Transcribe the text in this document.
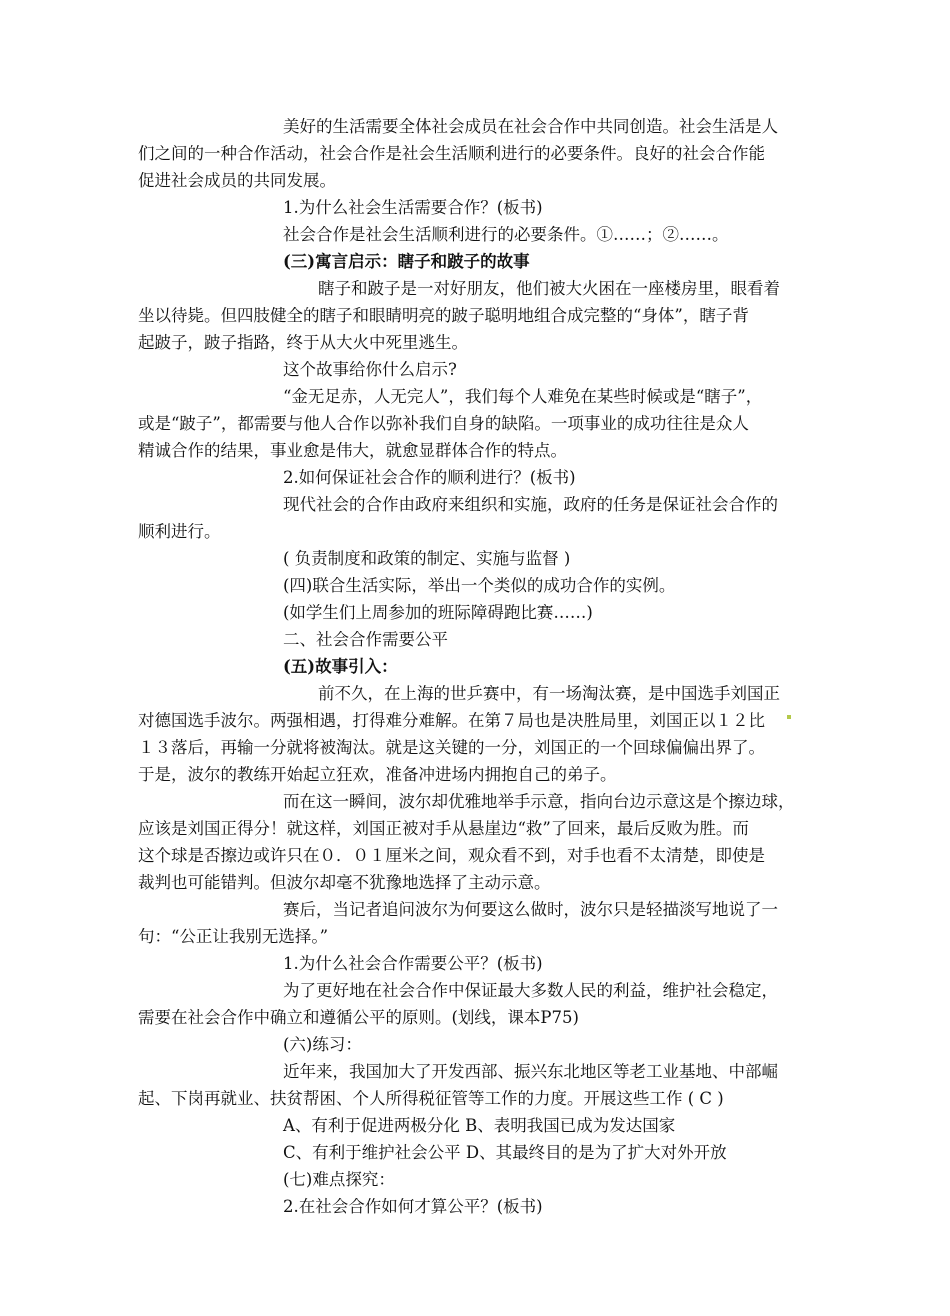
美好的生活需要全体社会成员在社会合作中共同创造。社会生活是人

们之间的一种合作活动，社会合作是社会生活顺利进行的必要条件。良好的社会合作能

促进社会成员的共同发展。

1.为什么社会生活需要合作？(板书)

社会合作是社会生活顺利进行的必要条件。①……；②……。

(三)寓言启示：瞎子和跛子的故事

瞎子和跛子是一对好朋友，他们被大火困在一座楼房里，眼看着

坐以待毙。但四肢健全的瞎子和眼睛明亮的跛子聪明地组合成完整的“身体”，瞎子背

起跛子，跛子指路，终于从大火中死里逃生。

这个故事给你什么启示?

“金无足赤，人无完人”，我们每个人难免在某些时候或是“瞎子”，

或是“跛子”，都需要与他人合作以弥补我们自身的缺陷。一项事业的成功往往是众人

精诚合作的结果，事业愈是伟大，就愈显群体合作的特点。

2.如何保证社会合作的顺利进行？(板书)

现代社会的合作由政府来组织和实施，政府的任务是保证社会合作的

顺利进行。

( 负责制度和政策的制定、实施与监督 )

(四)联合生活实际，举出一个类似的成功合作的实例。

(如学生们上周参加的班际障碍跑比赛……)

二、社会合作需要公平

(五)故事引入：

前不久，在上海的世乒赛中，有一场淘汰赛，是中国选手刘国正

对德国选手波尔。两强相遇，打得难分难解。在第７局也是决胜局里，刘国正以１２比

１３落后，再输一分就将被淘汰。就是这关键的一分，刘国正的一个回球偏偏出界了。

于是，波尔的教练开始起立狂欢，准备冲进场内拥抱自己的弟子。

而在这一瞬间，波尔却优雅地举手示意，指向台边示意这是个擦边球，

应该是刘国正得分！就这样，刘国正被对手从悬崖边“救”了回来，最后反败为胜。而

这个球是否擦边或许只在０．０１厘米之间，观众看不到，对手也看不太清楚，即使是

裁判也可能错判。但波尔却毫不犹豫地选择了主动示意。

赛后，当记者追问波尔为何要这么做时，波尔只是轻描淡写地说了一

句：“公正让我别无选择。”

1.为什么社会合作需要公平？(板书)

为了更好地在社会合作中保证最大多数人民的利益，维护社会稳定，

需要在社会合作中确立和遵循公平的原则。(划线，课本P75)

(六)练习：

近年来，我国加大了开发西部、振兴东北地区等老工业基地、中部崛

起、下岗再就业、扶贫帮困、个人所得税征管等工作的力度。开展这些工作 ( C )

A、有利于促进两极分化 B、表明我国已成为发达国家

C、有利于维护社会公平 D、其最终目的是为了扩大对外开放

(七)难点探究：

2.在社会合作如何才算公平？(板书)
